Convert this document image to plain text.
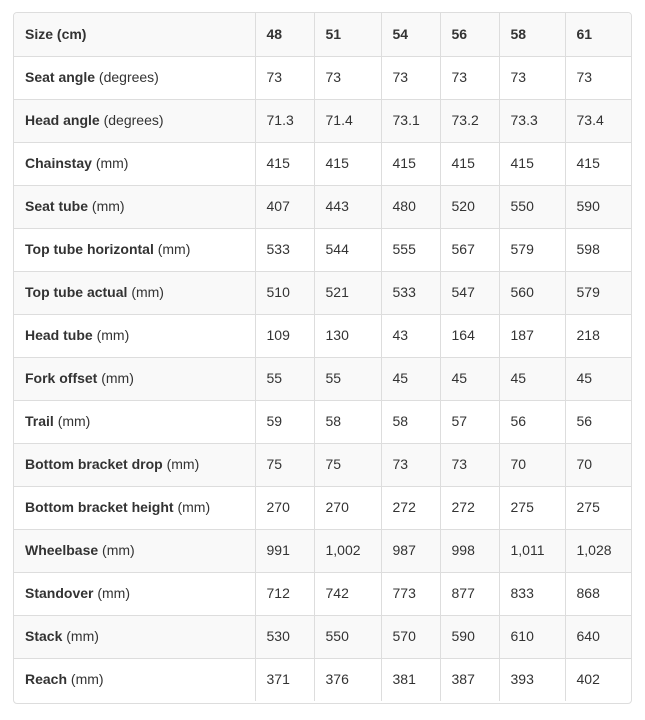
Size (cm)	48	51	54	56	58	61
Seat angle (degrees)	73	73	73	73	73	73
Head angle (degrees)	71.3	71.4	73.1	73.2	73.3	73.4
Chainstay (mm)	415	415	415	415	415	415
Seat tube (mm)	407	443	480	520	550	590
Top tube horizontal (mm)	533	544	555	567	579	598
Top tube actual (mm)	510	521	533	547	560	579
Head tube (mm)	109	130	43	164	187	218
Fork offset (mm)	55	55	45	45	45	45
Trail (mm)	59	58	58	57	56	56
Bottom bracket drop (mm)	75	75	73	73	70	70
Bottom bracket height (mm)	270	270	272	272	275	275
Wheelbase (mm)	991	1,002	987	998	1,011	1,028
Standover (mm)	712	742	773	877	833	868
Stack (mm)	530	550	570	590	610	640
Reach (mm)	371	376	381	387	393	402
